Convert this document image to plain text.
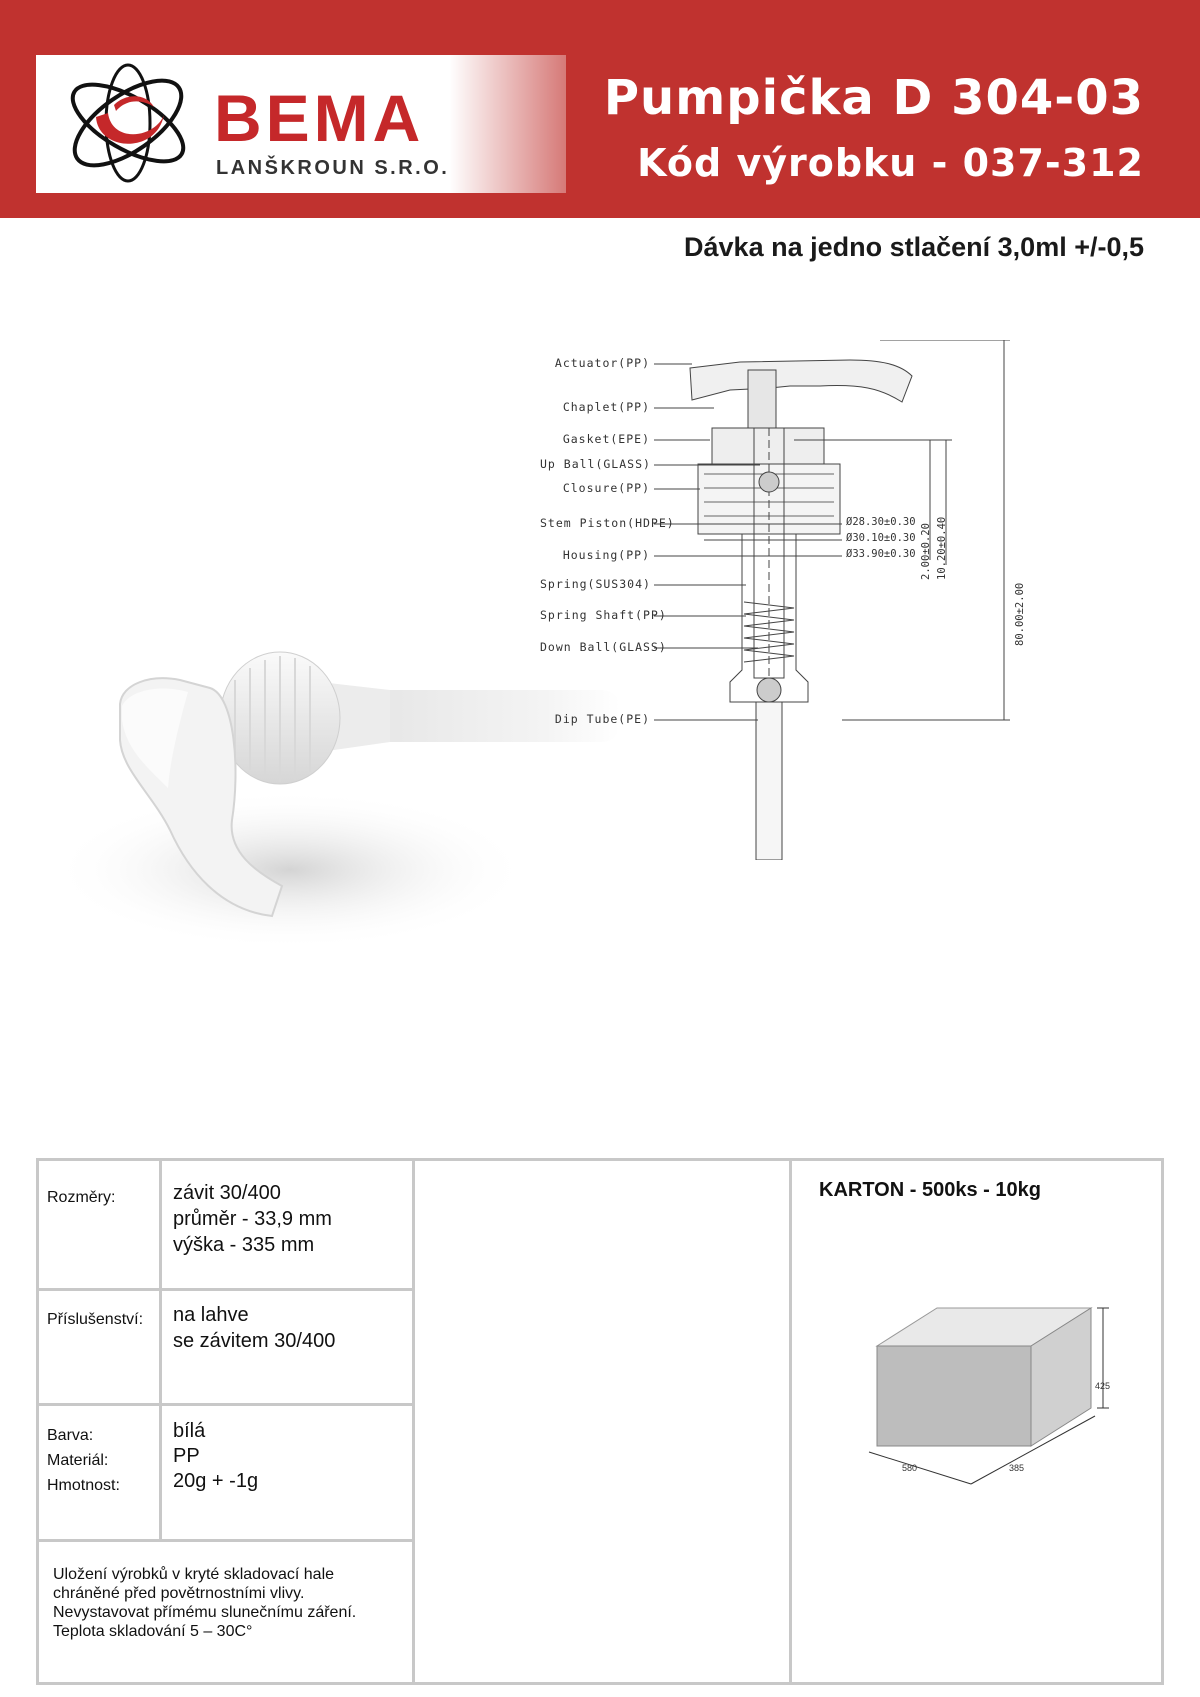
BEMA
LANŠKROUN S.R.O.
Pumpička D 304-03
Kód výrobku - 037-312
Dávka na jedno stlačení 3,0ml +/-0,5
Actuator(PP)
Chaplet(PP)
Gasket(EPE)
Up Ball(GLASS)
Closure(PP)
Stem Piston(HDPE)
Housing(PP)
Spring(SUS304)
Spring Shaft(PP)
Down Ball(GLASS)
Dip Tube(PE)
Ø28.30±0.30
Ø30.10±0.30
Ø33.90±0.30 2.00±0.20 10.20±0.40
80.00±2.00
Rozměry:	závit 30/400
průměr - 33,9 mm
výška - 335 mm
Příslušenství: na lahve
se závitem 30/400
Barva:	bílá
Materiál:	PP
Hmotnost:	20g + -1g
Uložení výrobků v kryté skladovací hale
chráněné před povětrnostními vlivy.
Nevystavovat přímému slunečnímu záření.
Teplota skladování 5 – 30C°
KARTON - 500ks - 10kg
425
580	385
